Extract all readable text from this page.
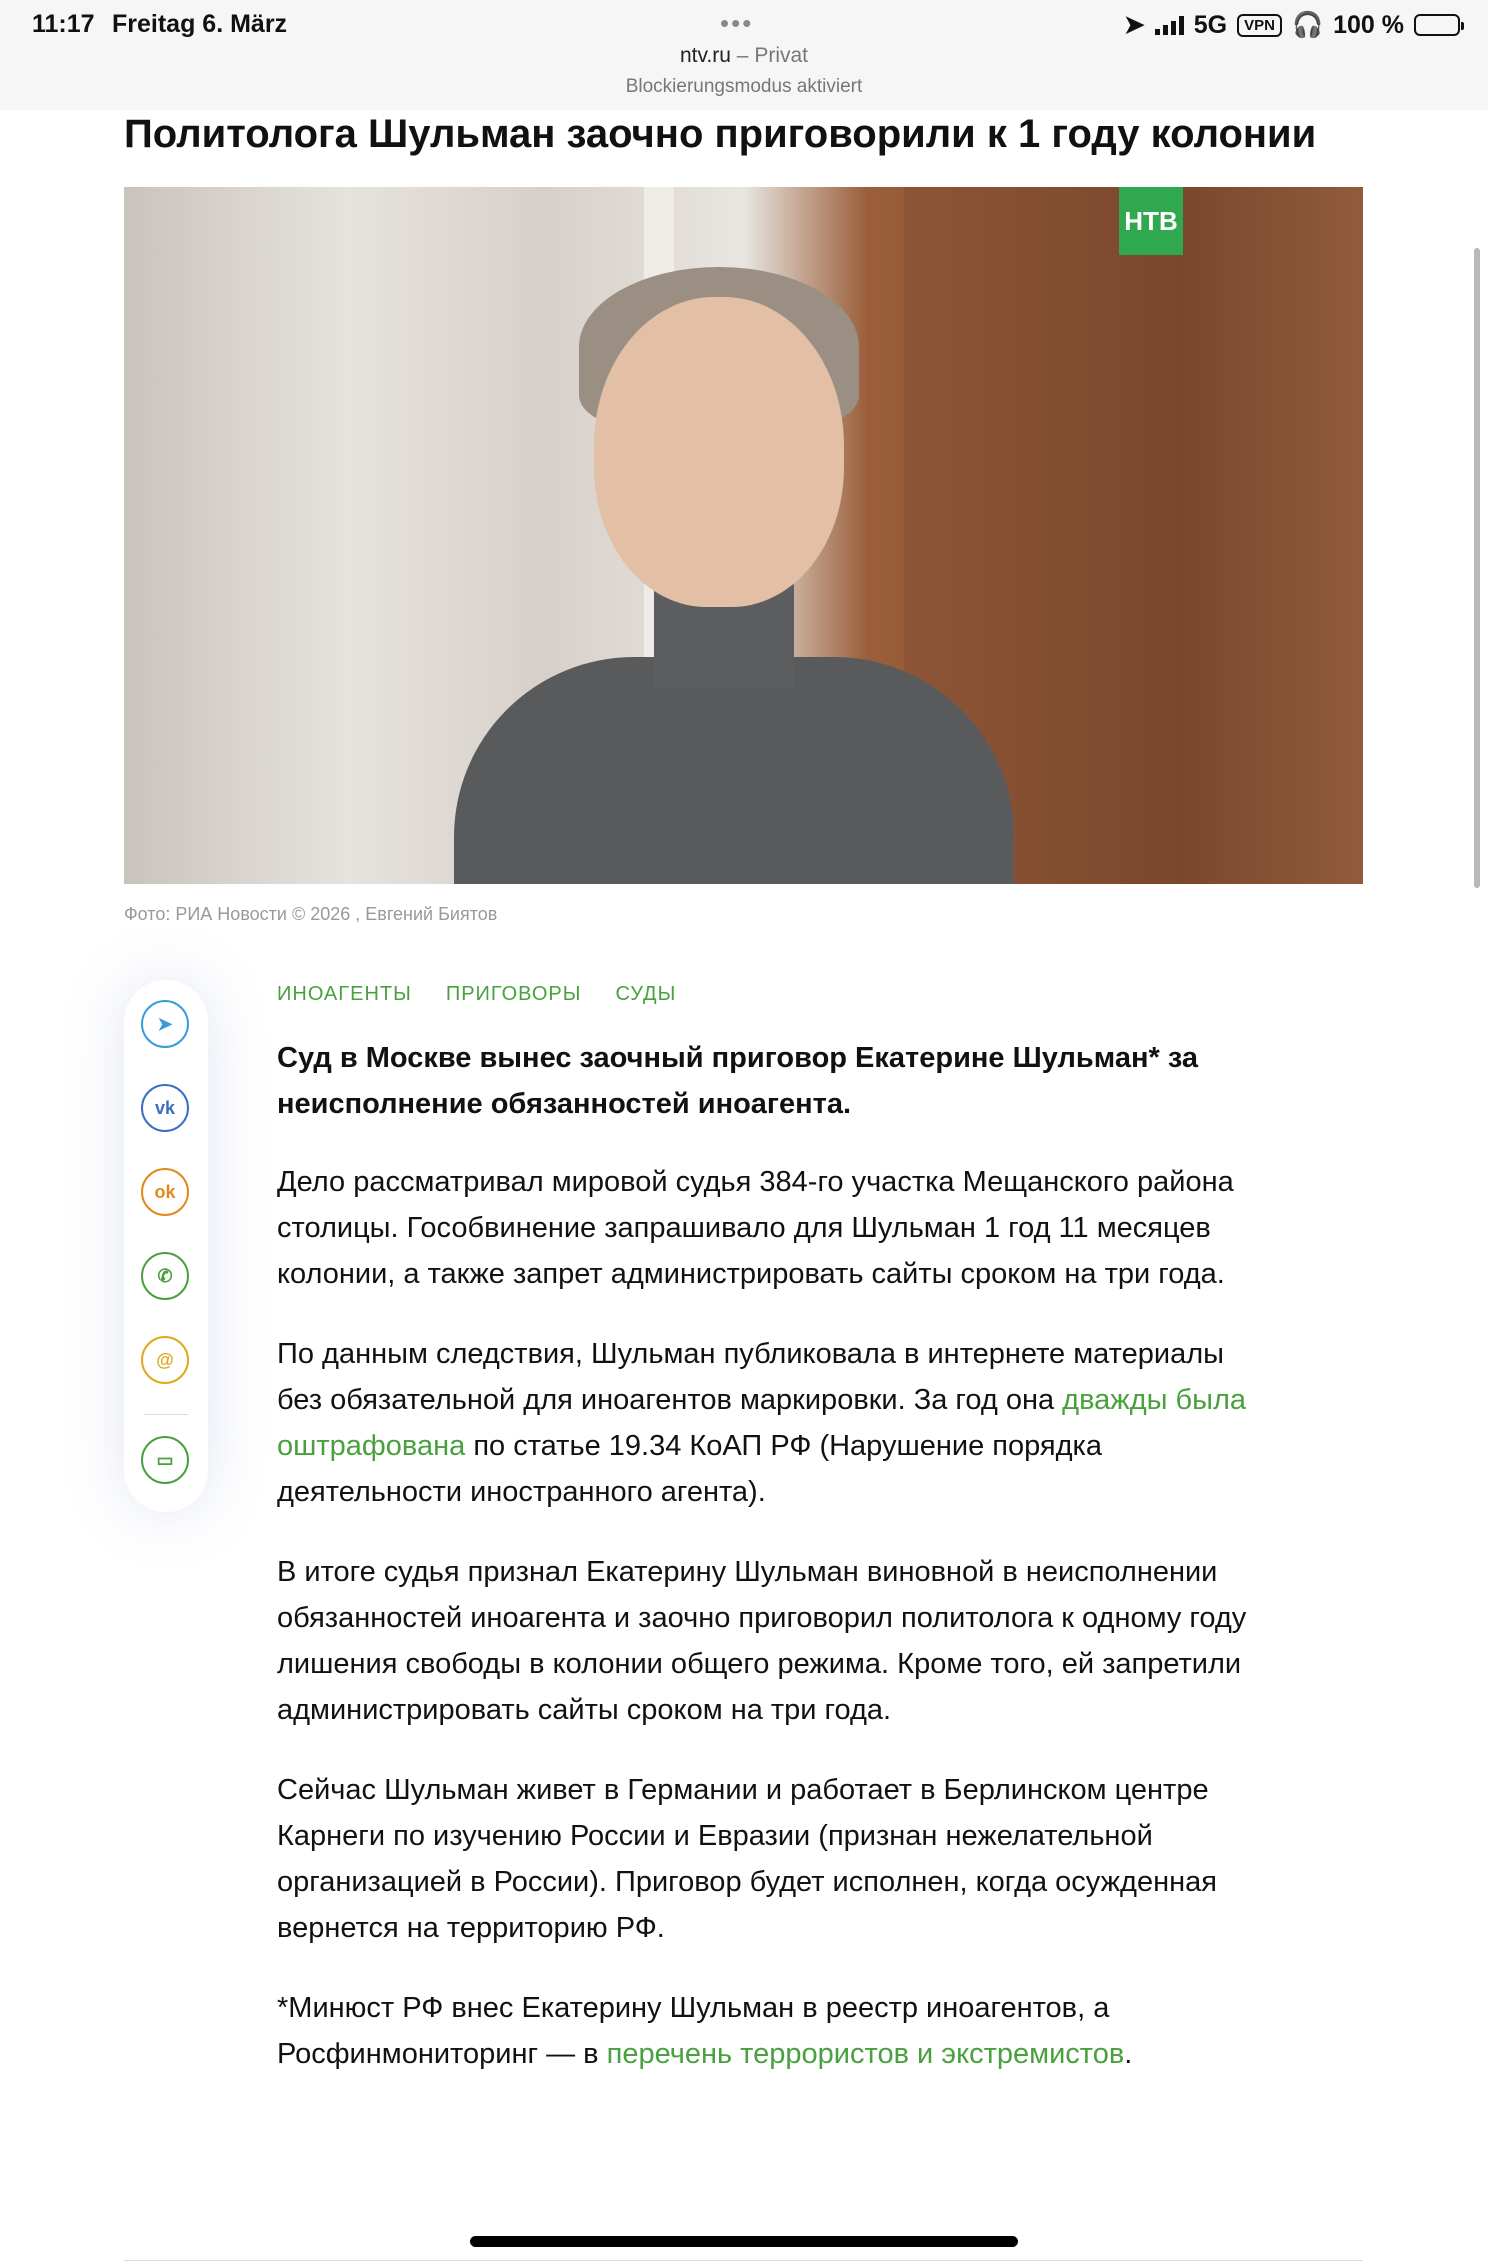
11:17 Freitag 6. März	•••	➤ 5G	VPN 🎧 100 %
ntv.ru – Privat
Blockierungsmodus aktiviert
Политолога Шульман заочно приговорили к 1 году колонии
НТВ
Фото: РИА Новости © 2026 , Евгений Биятов
➤
vk
ok
✆
@
▭
ИНОАГЕНТЫ ПРИГОВОРЫ СУДЫ

Суд в Москве вынес заочный приговор Екатерине Шульман* за неисполнение обязанностей иноагента.

Дело рассматривал мировой судья 384-го участка Мещанского района столицы. Гособвинение запрашивало для Шульман 1 год 11 месяцев колонии, а также запрет администрировать сайты сроком на три года.

По данным следствия, Шульман публиковала в интернете материалы без обязательной для иноагентов маркировки. За год она дважды была оштрафована по статье 19.34 КоАП РФ (Нарушение порядка деятельности иностранного агента).

В итоге судья признал Екатерину Шульман виновной в неисполнении обязанностей иноагента и заочно приговорил политолога к одному году лишения свободы в колонии общего режима. Кроме того, ей запретили администрировать сайты сроком на три года.

Сейчас Шульман живет в Германии и работает в Берлинском центре Карнеги по изучению России и Евразии (признан нежелательной организацией в России). Приговор будет исполнен, когда осужденная вернется на территорию РФ.

*Минюст РФ внес Екатерину Шульман в реестр иноагентов, а Росфинмониторинг — в перечень террористов и экстремистов.
